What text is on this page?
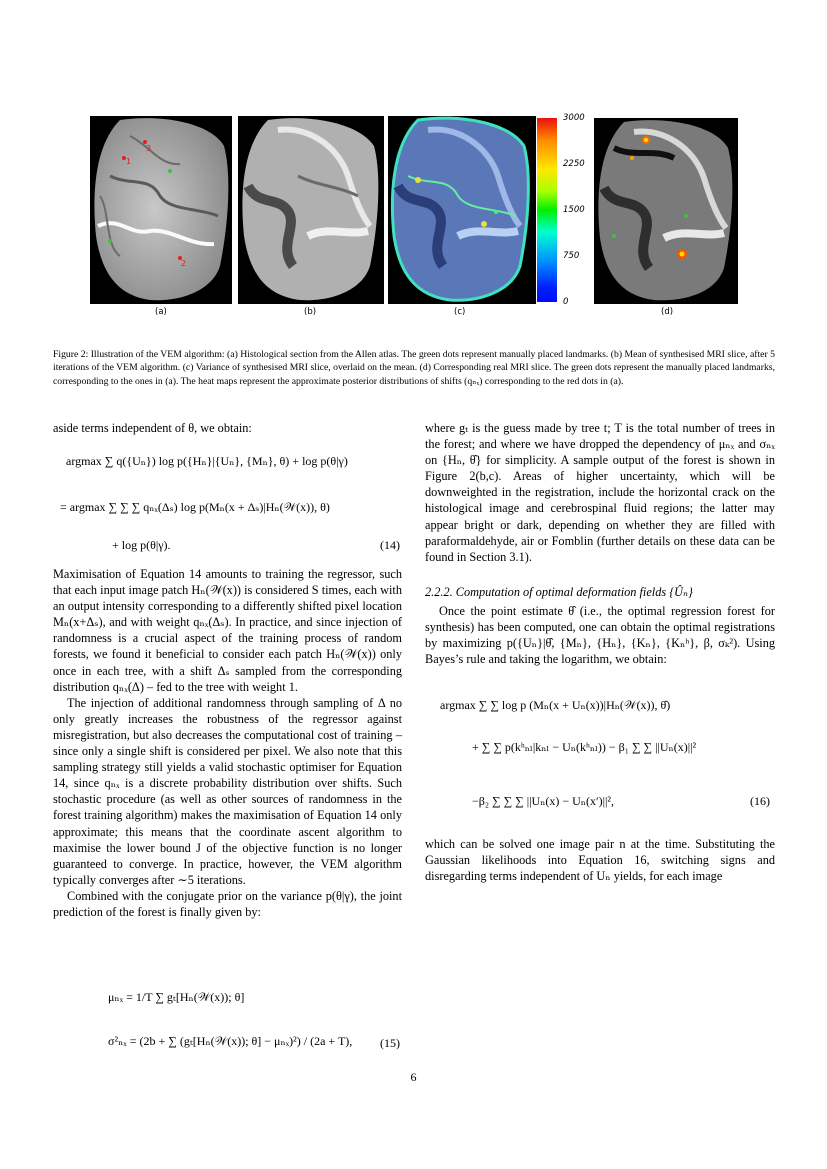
1
2
3
(a)	(b)	(c)
3000
2250
1500
750
0
(d)
Figure 2: Illustration of the VEM algorithm: (a) Histological section from the Allen atlas. The green dots represent manually placed landmarks. (b) Mean of synthesised MRI slice, after 5 iterations of the VEM algorithm. (c) Variance of synthesised MRI slice, overlaid on the mean. (d) Corresponding real MRI slice. The green dots represent the manually placed landmarks, corresponding to the ones in (a). The heat maps represent the approximate posterior distributions of shifts (qₙₓ) corresponding to the red dots in (a).
aside terms independent of θ, we obtain:
argmax ∑ q({Uₙ}) log p({Hₙ}|{Uₙ}, {Mₙ}, θ) + log p(θ|γ)
= argmax ∑ ∑ ∑ qₙₓ(Δₛ) log p(Mₙ(x + Δₛ)|Hₙ(𝒲(x)), θ)
+ log p(θ|γ).	(14)

Maximisation of Equation 14 amounts to training the regressor, such that each input image patch Hₙ(𝒲(x)) is considered S times, each with an output intensity corresponding to a differently shifted pixel location Mₙ(x+Δₛ), and with weight qₙₓ(Δₛ). In practice, and since injection of randomness is a crucial aspect of the training process of random forests, we found it beneficial to consider each patch Hₙ(𝒲(x)) only once in each tree, with a shift Δₛ sampled from the corresponding distribution qₙₓ(Δ) – fed to the tree with weight 1.

The injection of additional randomness through sampling of Δ no only greatly increases the robustness of the regressor against misregistration, but also decreases the computational cost of training – since only a single shift is considered per pixel. We also note that this sampling strategy still yields a valid stochastic optimiser for Equation 14, since qₙₓ is a discrete probability distribution over shifts. Such stochastic procedure (as well as other sources of randomness in the forest training algorithm) makes the maximisation of Equation 14 only approximate; this means that the coordinate ascent algorithm to maximise the lower bound J of the objective function is no longer guaranteed to converge. In practice, however, the VEM algorithm typically converges after ∼5 iterations.

Combined with the conjugate prior on the variance p(θ|γ), the joint prediction of the forest is finally given by:

μₙₓ = 1/T ∑ gₜ[Hₙ(𝒲(x)); θ]
σ²ₙₓ = (2b + ∑ (gₜ[Hₙ(𝒲(x)); θ] − μₙₓ)²) / (2a + T), (15)
where gₜ is the guess made by tree t; T is the total number of trees in the forest; and where we have dropped the dependency of μₙₓ and σₙₓ on {Hₙ, θ̂} for simplicity. A sample output of the forest is shown in Figure 2(b,c). Areas of higher uncertainty, which will be downweighted in the registration, include the horizontal crack on the histological image and cerebrospinal fluid regions; the latter may appear bright or dark, depending on whether they are filled with paraformaldehyde, air or Fomblin (further details on these data can be found in Section 3.1).
2.2.2. Computation of optimal deformation fields {Ûₙ}
Once the point estimate θ̂ (i.e., the optimal regression forest for synthesis) has been computed, one can obtain the optimal registrations by maximizing p({Uₙ}|θ̂, {Mₙ}, {Hₙ}, {Kₙ}, {Kₙʰ}, β, σₖ²). Using Bayes’s rule and taking the logarithm, we obtain:
argmax ∑ ∑ log p (Mₙ(x + Uₙ(x))|Hₙ(𝒲(x)), θ̂)
+ ∑ ∑ p(kʰₙₗ|kₙₗ − Uₙ(kʰₙₗ)) − β₁ ∑ ∑ ||Uₙ(x)||²
−β₂ ∑ ∑ ∑ ||Uₙ(x) − Uₙ(x′)||²,	(16)
which can be solved one image pair n at the time. Substituting the Gaussian likelihoods into Equation 16, switching signs and disregarding terms independent of Uₙ yields, for each image
6
